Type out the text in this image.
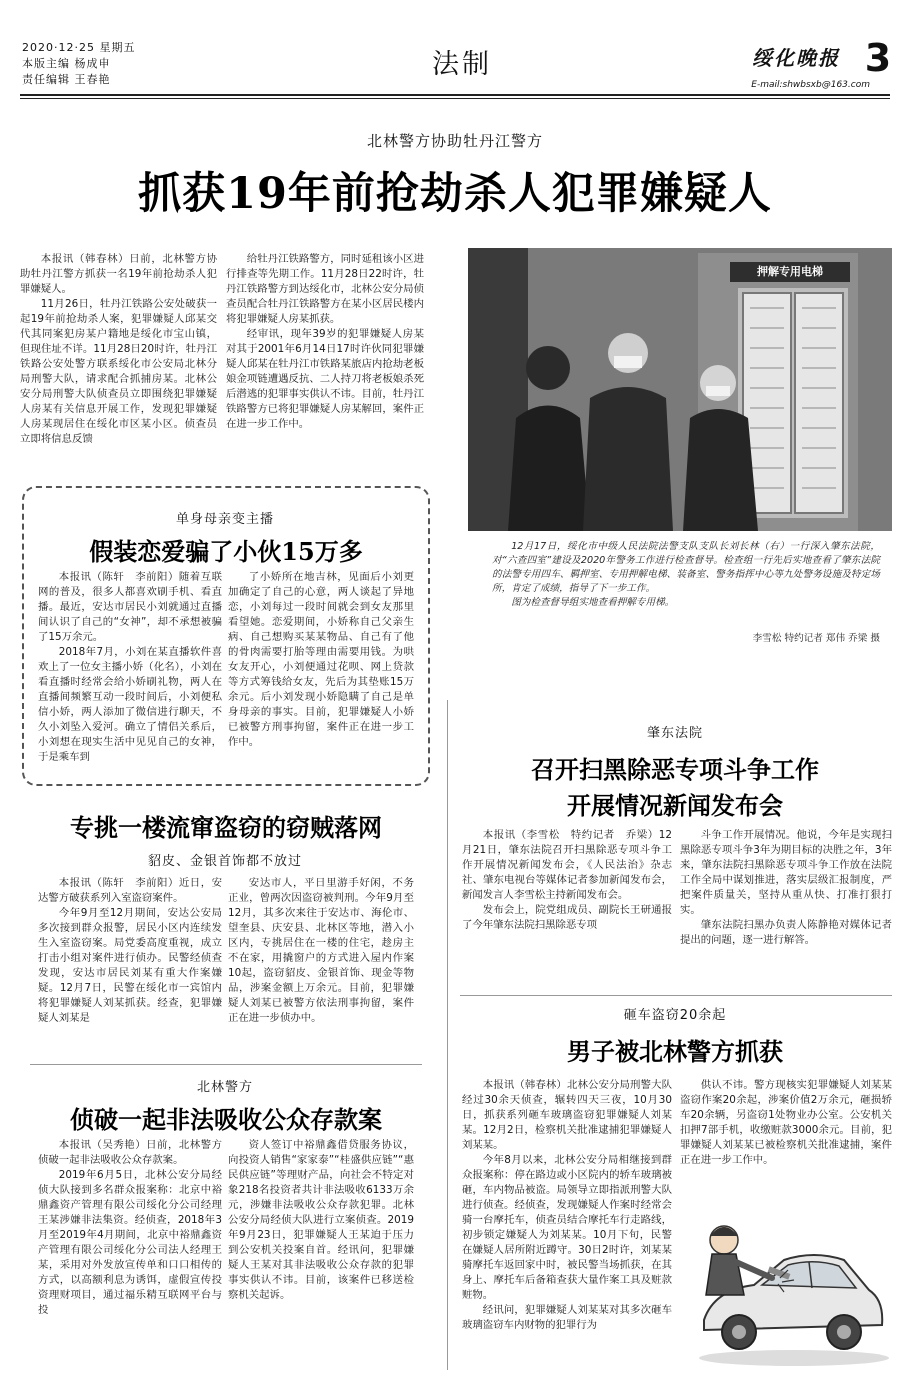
2020·12·25 星期五
本版主编 杨成申
责任编辑 王春艳	法制	绥化晚报 3
E-mail:shwbsxb@163.com
北林警方协助牡丹江警方
抓获19年前抢劫杀人犯罪嫌疑人

本报讯（韩春林）日前，北林警方协助牡丹江警方抓获一名19年前抢劫杀人犯罪嫌疑人。

11月26日，牡丹江铁路公安处破获一起19年前抢劫杀人案，犯罪嫌疑人邱某交代其同案犯房某户籍地是绥化市宝山镇，但现住址不详。11月28日20时许，牡丹江铁路公安处警方联系绥化市公安局北林分局刑警大队，请求配合抓捕房某。北林公安分局刑警大队侦查员立即围绕犯罪嫌疑人房某有关信息开展工作，发现犯罪嫌疑人房某现居住在绥化市区某小区。侦查员立即将信息反馈

给牡丹江铁路警方，同时延租该小区进行排查等先期工作。11月28日22时许，牡丹江铁路警方到达绥化市，北林公安分局侦查员配合牡丹江铁路警方在某小区居民楼内将犯罪嫌疑人房某抓获。

经审讯，现年39岁的犯罪嫌疑人房某对其于2001年6月14日17时许伙同犯罪嫌疑人邱某在牡丹江市铁路某旅店内抢劫老板娘金项链遭遇反抗、二人持刀将老板娘杀死后潜逃的犯罪事实供认不讳。目前，牡丹江铁路警方已将犯罪嫌疑人房某解回，案件正在进一步工作中。

押解专用电梯

12月17日，绥化市中级人民法院法警支队支队长刘长林（右）一行深入肇东法院，对“六查四室”建设及2020年警务工作进行检查督导。检查组一行先后实地查看了肇东法院的法警专用四车、羁押室、专用押解电梯、装备室、警务指挥中心等九处警务设施及特定场所，肯定了成绩，指导了下一步工作。

图为检查督导组实地查看押解专用梯。

李雪松 特约记者 郑伟 乔梁 摄
单身母亲变主播
假装恋爱骗了小伙15万多

本报讯（陈轩　李前阳）随着互联网的普及，很多人都喜欢刷手机、看直播。最近，安达市居民小刘就通过直播间认识了自己的“女神”，却不承想被骗了15万余元。

2018年7月，小刘在某直播软件喜欢上了一位女主播小娇（化名），小刘在看直播时经常会给小娇刷礼物，两人在直播间频繁互动一段时间后，小刘便私信小娇，两人添加了微信进行聊天，不久小刘坠入爱河。确立了情侣关系后，小刘想在现实生活中见见自己的女神，于是乘车到

了小娇所在地吉林，见面后小刘更加确定了自己的心意，两人谈起了异地恋，小刘每过一段时间就会到女友那里看望她。恋爱期间，小娇称自己父亲生病、自己想购买某某物品、自己有了他的骨肉需要打胎等理由需要用钱。为哄女友开心，小刘便通过花呗、网上贷款等方式筹钱给女友，先后为其垫账15万余元。后小刘发现小娇隐瞒了自己是单身母亲的事实。目前，犯罪嫌疑人小娇已被警方刑事拘留，案件正在进一步工作中。

专挑一楼流窜盗窃的窃贼落网
貂皮、金银首饰都不放过

本报讯（陈轩　李前阳）近日，安达警方破获系列入室盗窃案件。

今年9月至12月期间，安达公安局多次接到群众报警，居民小区内连续发生入室盗窃案。局党委高度重视，成立打击小组对案件进行侦办。民警经侦查发现，安达市居民刘某有重大作案嫌疑。12月7日，民警在绥化市一宾馆内将犯罪嫌疑人刘某抓获。经查，犯罪嫌疑人刘某是

安达市人，平日里游手好闲，不务正业，曾两次因盗窃被判刑。今年9月至12月，其多次来往于安达市、海伦市、望奎县、庆安县、北林区等地，潜入小区内，专挑居住在一楼的住宅，趁房主不在家，用撬窗户的方式进入屋内作案10起，盗窃貂皮、金银首饰、现金等物品，涉案金额上万余元。目前，犯罪嫌疑人刘某已被警方依法刑事拘留，案件正在进一步侦办中。

北林警方
侦破一起非法吸收公众存款案

本报讯（吴秀艳）日前，北林警方侦破一起非法吸收公众存款案。

2019年6月5日，北林公安分局经侦大队接到多名群众报案称：北京中裕鼎鑫资产管理有限公司绥化分公司经理王某涉嫌非法集资。经侦查，2018年3月至2019年4月期间，北京中裕鼎鑫资产管理有限公司绥化分公司法人经理王某，采用对外发放宣传单和口口相传的方式，以高额利息为诱饵，虚假宣传投资理财项目，通过福乐精互联网平台与投

资人签订中裕鼎鑫借贷服务协议，向投资人销售“家家泰”“桂盛供应链”“惠民供应链”等理财产品，向社会不特定对象218名投资者共计非法吸收6133万余元，涉嫌非法吸收公众存款犯罪。北林公安分局经侦大队进行立案侦查。2019年9月23日，犯罪嫌疑人王某迫于压力到公安机关投案自首。经讯问，犯罪嫌疑人王某对其非法吸收公众存款的犯罪事实供认不讳。目前，该案件已移送检察机关起诉。

肇东法院
召开扫黑除恶专项斗争工作
开展情况新闻发布会

本报讯（李雪松　特约记者　乔梁）12月21日，肇东法院召开扫黑除恶专项斗争工作开展情况新闻发布会，《人民法治》杂志社、肇东电视台等媒体记者参加新闻发布会，新闻发言人李雪松主持新闻发布会。

发布会上，院党组成员、副院长王研通报了今年肇东法院扫黑除恶专项

斗争工作开展情况。他说，今年是实现扫黑除恶专项斗争3年为期目标的决胜之年，3年来，肇东法院扫黑除恶专项斗争工作放在法院工作全局中谋划推进，落实层级汇报制度，严把案件质量关，坚持从重从快、打准打狠打实。

肇东法院扫黑办负责人陈静艳对媒体记者提出的问题，逐一进行解答。

砸车盗窃20余起
男子被北林警方抓获

本报讯（韩春林）北林公安分局刑警大队经过30余天侦查，辗转四天三夜，10月30日，抓获系列砸车玻璃盗窃犯罪嫌疑人刘某某。12月2日，检察机关批准逮捕犯罪嫌疑人刘某某。

今年8月以来，北林公安分局相继接到群众报案称：停在路边或小区院内的轿车玻璃被砸，车内物品被盗。局领导立即指派刑警大队进行侦查。经侦查，发现嫌疑人作案时经常会骑一台摩托车，侦查员结合摩托车行走路线，初步锁定嫌疑人为刘某某。10月下旬，民警在嫌疑人居所附近蹲守。30日2时许，刘某某骑摩托车返回家中时，被民警当场抓获，在其身上、摩托车后备箱查获大量作案工具及赃款赃物。

经讯问，犯罪嫌疑人刘某某对其多次砸车玻璃盗窃车内财物的犯罪行为

供认不讳。警方现核实犯罪嫌疑人刘某某盗窃作案20余起，涉案价值2万余元，砸损轿车20余辆，另盗窃1处物业办公室。公安机关扣押7部手机，收缴赃款3000余元。目前，犯罪嫌疑人刘某某已被检察机关批准逮捕，案件正在进一步工作中。
